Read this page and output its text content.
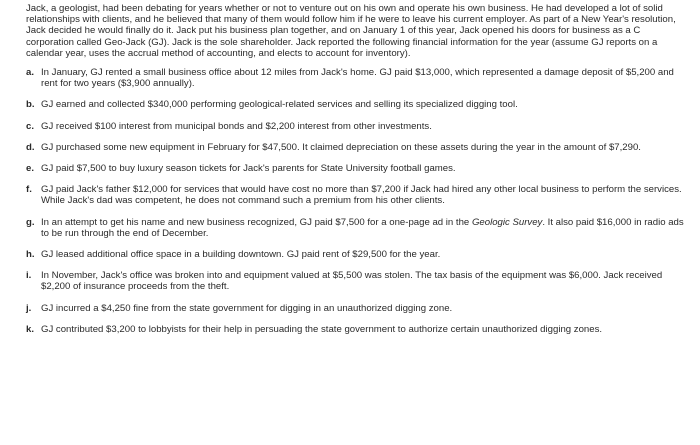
Jack, a geologist, had been debating for years whether or not to venture out on his own and operate his own business. He had developed a lot of solid relationships with clients, and he believed that many of them would follow him if he were to leave his current employer. As part of a New Year's resolution, Jack decided he would finally do it. Jack put his business plan together, and on January 1 of this year, Jack opened his doors for business as a C corporation called Geo-Jack (GJ). Jack is the sole shareholder. Jack reported the following financial information for the year (assume GJ reports on a calendar year, uses the accrual method of accounting, and elects to account for inventory).

a. In January, GJ rented a small business office about 12 miles from Jack's home. GJ paid $13,000, which represented a damage deposit of $5,200 and rent for two years ($3,900 annually).
b. GJ earned and collected $340,000 performing geological-related services and selling its specialized digging tool.
c. GJ received $100 interest from municipal bonds and $2,200 interest from other investments.
d. GJ purchased some new equipment in February for $47,500. It claimed depreciation on these assets during the year in the amount of $7,290.
e. GJ paid $7,500 to buy luxury season tickets for Jack's parents for State University football games.
f. GJ paid Jack's father $12,000 for services that would have cost no more than $7,200 if Jack had hired any other local business to perform the services. While Jack's dad was competent, he does not command such a premium from his other clients.
g. In an attempt to get his name and new business recognized, GJ paid $7,500 for a one-page ad in the Geologic Survey. It also paid $16,000 in radio ads to be run through the end of December.
h. GJ leased additional office space in a building downtown. GJ paid rent of $29,500 for the year.
i. In November, Jack's office was broken into and equipment valued at $5,500 was stolen. The tax basis of the equipment was $6,000. Jack received $2,200 of insurance proceeds from the theft.
j. GJ incurred a $4,250 fine from the state government for digging in an unauthorized digging zone.
k. GJ contributed $3,200 to lobbyists for their help in persuading the state government to authorize certain unauthorized digging zones.
